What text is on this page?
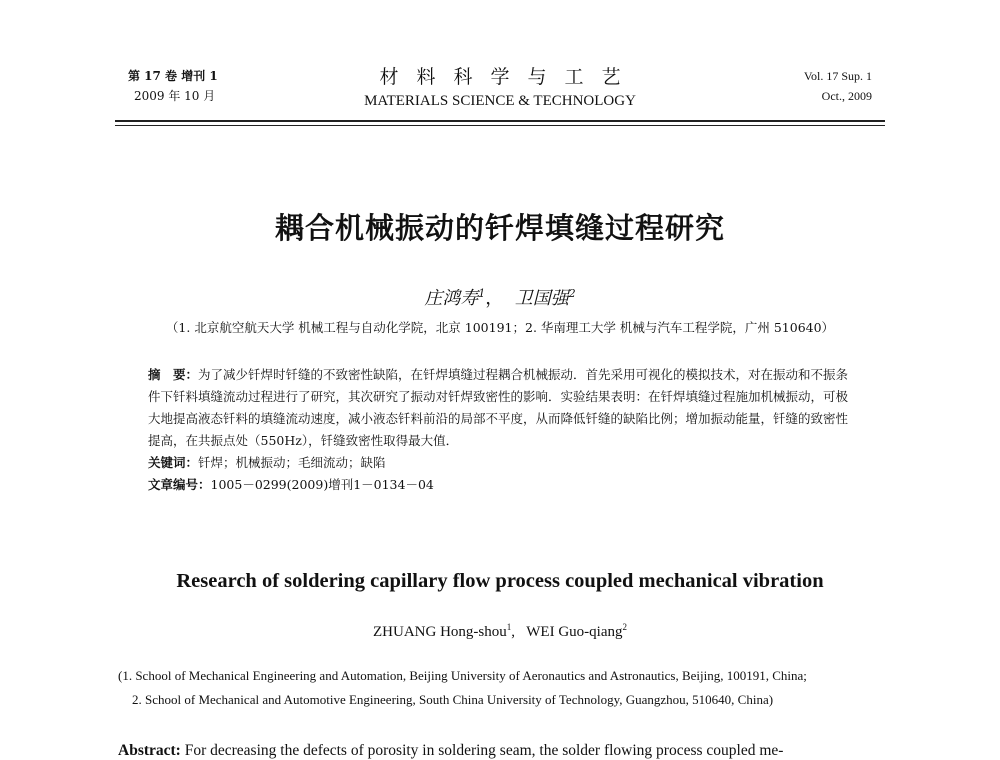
第 17 卷 增刊 1
2009 年 10 月
材料科学与工艺
MATERIALS SCIENCE & TECHNOLOGY
Vol. 17 Sup. 1
Oct., 2009
耦合机械振动的钎焊填缝过程研究
庄鸿寿$^1$， 卫国强$^2$
（1. 北京航空航天大学 机械工程与自动化学院，北京 100191；2. 华南理工大学 机械与汽车工程学院，广州 510640）

摘　要：为了减少钎焊时钎缝的不致密性缺陷，在钎焊填缝过程耦合机械振动．首先采用可视化的模拟技术，对在振动和不振条件下钎料填缝流动过程进行了研究，其次研究了振动对钎焊致密性的影响．实验结果表明：在钎焊填缝过程施加机械振动，可极大地提高液态钎料的填缝流动速度，减小液态钎料前沿的局部不平度，从而降低钎缝的缺陷比例；增加振动能量，钎缝的致密性提高，在共振点处（550Hz），钎缝致密性取得最大值．

关键词：钎焊；机械振动；毛细流动；缺陷

文章编号：1005－0299(2009)增刊1－0134－04

Research of soldering capillary flow process coupled mechanical vibration
ZHUANG Hong-shou$^1$,   WEI Guo-qiang$^2$
(1. School of Mechanical Engineering and Automation, Beijing University of Aeronautics and Astronautics, Beijing, 100191, China;
2. School of Mechanical and Automotive Engineering, South China University of Technology, Guangzhou, 510640, China)
Abstract: For decreasing the defects of porosity in soldering seam, the solder flowing process coupled me-
